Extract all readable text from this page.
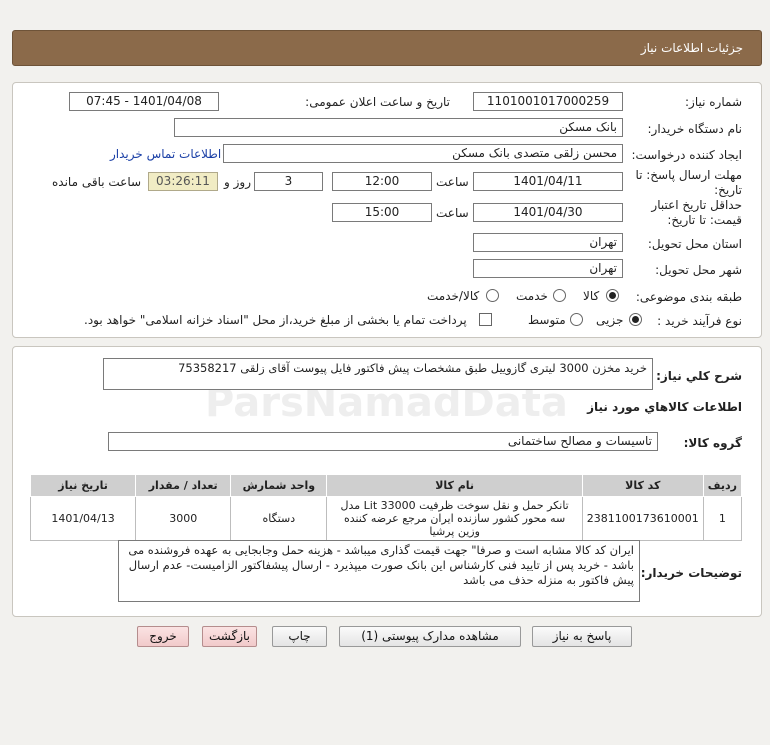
جزئیات اطلاعات نیاز
شماره نیاز:
1101001017000259
تاریخ و ساعت اعلان عمومی:
1401/04/08 - 07:45
نام دستگاه خریدار:
بانک مسکن
ایجاد کننده درخواست:
محسن زلقی متصدی بانک مسکن
اطلاعات تماس خریدار
مهلت ارسال پاسخ: تا
تاریخ:
1401/04/11
ساعت
12:00
3
روز و
03:26:11
ساعت باقی مانده
حداقل تاریخ اعتبار
قیمت: تا تاریخ:
1401/04/30
ساعت
15:00
استان محل تحویل:
تهران
شهر محل تحویل:
تهران
طبقه بندی موضوعی:
کالا
خدمت
کالا/خدمت
نوع فرآیند خرید :
جزیی
متوسط
پرداخت تمام یا بخشی از مبلغ خرید،از محل "اسناد خزانه اسلامی" خواهد بود.
شرح کلي نياز:
خرید مخزن 3000 لیتری گازوییل طبق مشخصات پیش فاکتور فایل پیوست آقای زلقی 75358217
اطلاعات کالاهاي مورد نياز
گروه کالا:
تاسیسات و مصالح ساختمانی
ردیف	کد کالا	نام کالا	واحد شمارش	تعداد / مقدار	تاریخ نیاز
1	2381100173610001	تانکر حمل و نقل سوخت ظرفیت Lit 33000 مدل سه محور کشور سازنده ایران مرجع عرضه کننده وزین پرشیا	دستگاه	3000	1401/04/13
توضیحات خریدار:
ایران کد کالا مشابه است و صرفا" جهت قیمت گذاری میباشد - هزینه حمل وجابجایی به عهده فروشنده می باشد - خرید پس از تایید فنی کارشناس این بانک صورت میپذیرد - ارسال پیشفاکتور الزامیست- عدم ارسال پیش فاکتور به منزله حذف می باشد
پاسخ به نیاز
مشاهده مدارک پیوستی (1)
چاپ
بازگشت
خروج
